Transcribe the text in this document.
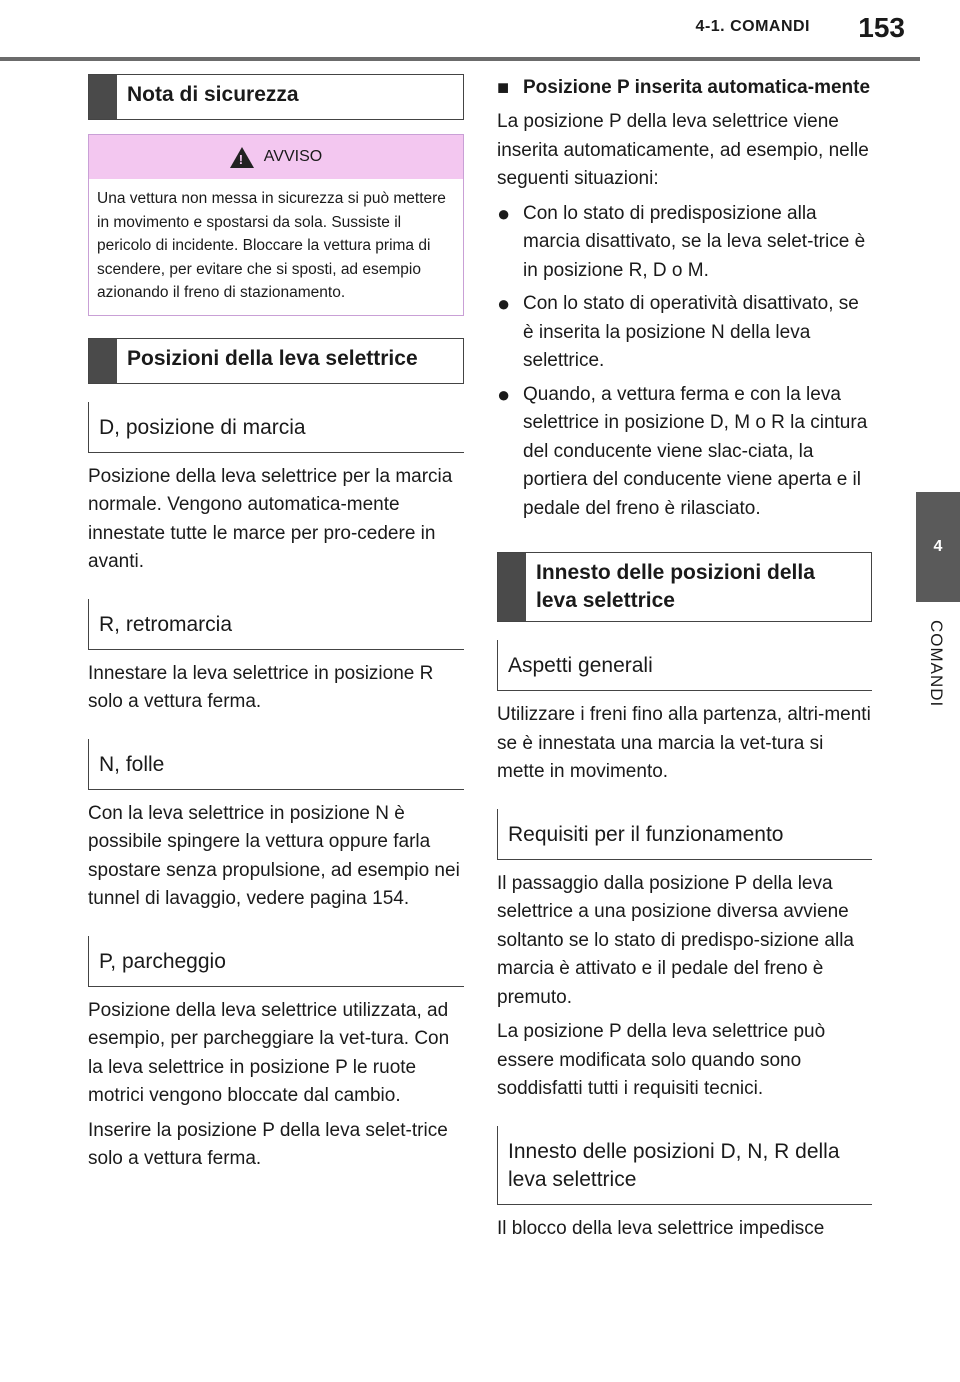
4-1. COMANDI 153
4
COMANDI
Nota di sicurezza
! AVVISO
Una vettura non messa in sicurezza si può mettere in movimento e spostarsi da sola. Sussiste il pericolo di incidente. Bloccare la vettura prima di scendere, per evitare che si sposti, ad esempio azionando il freno di stazionamento.
Posizioni della leva selettrice
D, posizione di marcia

Posizione della leva selettrice per la marcia normale. Vengono automatica-mente innestate tutte le marce per pro-cedere in avanti.

R, retromarcia

Innestare la leva selettrice in posizione R solo a vettura ferma.

N, folle

Con la leva selettrice in posizione N è possibile spingere la vettura oppure farla spostare senza propulsione, ad esempio nei tunnel di lavaggio, vedere pagina 154.

P, parcheggio

Posizione della leva selettrice utilizzata, ad esempio, per parcheggiare la vet-tura. Con la leva selettrice in posizione P le ruote motrici vengono bloccate dal cambio.

Inserire la posizione P della leva selet-trice solo a vettura ferma.

■ Posizione P inserita automatica-mente

La posizione P della leva selettrice viene inserita automaticamente, ad esempio, nelle seguenti situazioni:

● Con lo stato di predisposizione alla marcia disattivato, se la leva selet-trice è in posizione R, D o M.
● Con lo stato di operatività disattivato, se è inserita la posizione N della leva selettrice.
● Quando, a vettura ferma e con la leva selettrice in posizione D, M o R la cintura del conducente viene slac-ciata, la portiera del conducente viene aperta e il pedale del freno è rilasciato.
Innesto delle posizioni della leva selettrice
Aspetti generali

Utilizzare i freni fino alla partenza, altri-menti se è innestata una marcia la vet-tura si mette in movimento.

Requisiti per il funzionamento

Il passaggio dalla posizione P della leva selettrice a una posizione diversa avviene soltanto se lo stato di predispo-sizione alla marcia è attivato e il pedale del freno è premuto.

La posizione P della leva selettrice può essere modificata solo quando sono soddisfatti tutti i requisiti tecnici.

Innesto delle posizioni D, N, R della leva selettrice

Il blocco della leva selettrice impedisce
